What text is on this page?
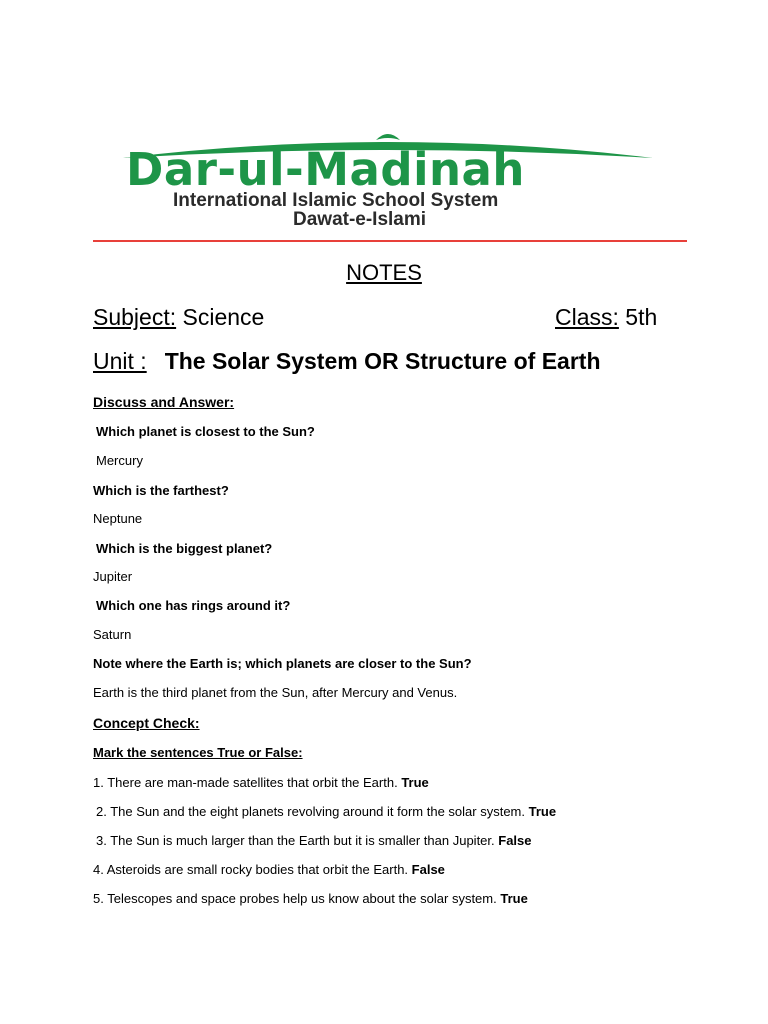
Dar-ul-Madinah
International Islamic School System
Dawat-e-Islami
NOTES
Subject: Science	Class: 5th
Unit : The Solar System OR Structure of Earth
Discuss and Answer:
Which planet is closest to the Sun?
Mercury
Which is the farthest?
Neptune
Which is the biggest planet?
Jupiter
Which one has rings around it?
Saturn
Note where the Earth is; which planets are closer to the Sun?
Earth is the third planet from the Sun, after Mercury and Venus.
Concept Check:
Mark the sentences True or False:
1. There are man-made satellites that orbit the Earth. True
2. The Sun and the eight planets revolving around it form the solar system. True
3. The Sun is much larger than the Earth but it is smaller than Jupiter. False
4. Asteroids are small rocky bodies that orbit the Earth. False
5. Telescopes and space probes help us know about the solar system. True
